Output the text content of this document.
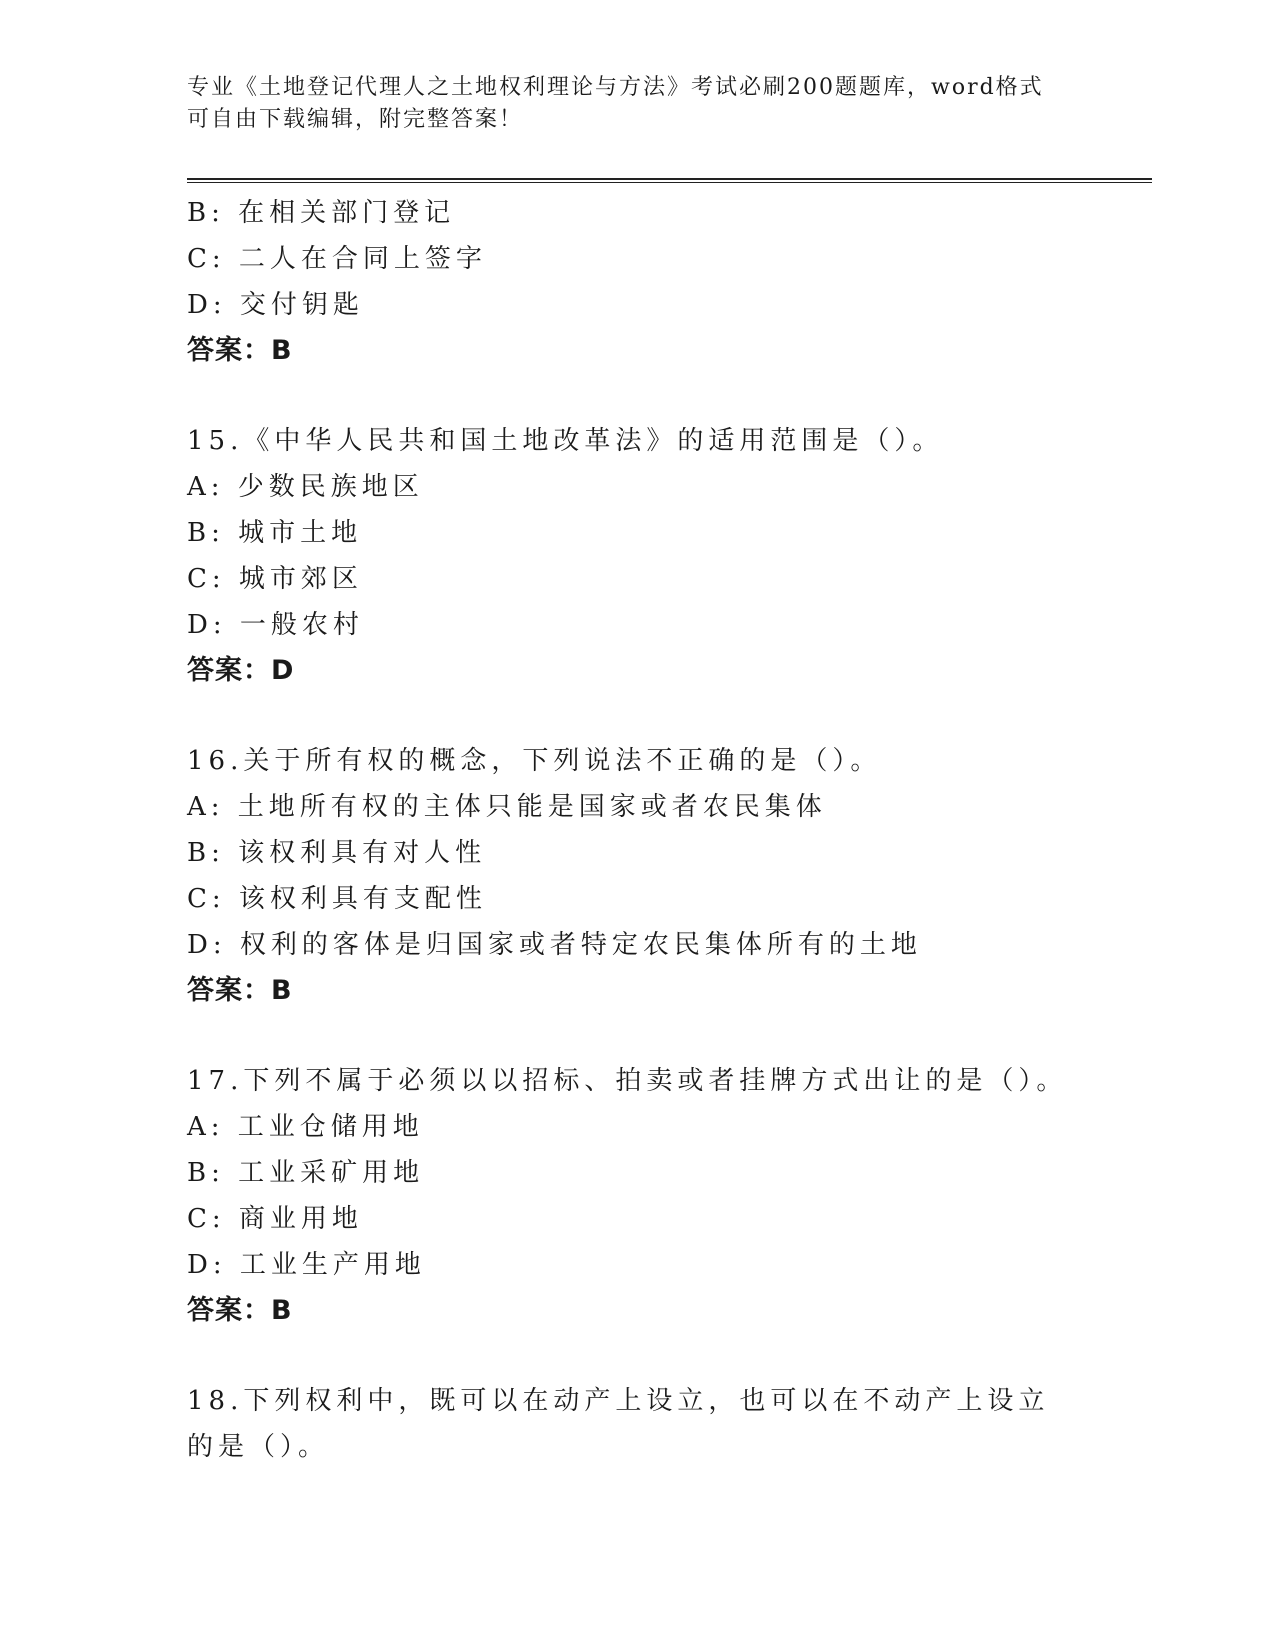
专业《土地登记代理人之土地权利理论与方法》考试必刷200题题库，word格式
可自由下载编辑，附完整答案！
B: 在相关部门登记
C: 二人在合同上签字
D: 交付钥匙
答案：B
15.《中华人民共和国土地改革法》的适用范围是（）。
A: 少数民族地区
B: 城市土地
C: 城市郊区
D: 一般农村
答案：D
16.关于所有权的概念，下列说法不正确的是（）。
A: 土地所有权的主体只能是国家或者农民集体
B: 该权利具有对人性
C: 该权利具有支配性
D: 权利的客体是归国家或者特定农民集体所有的土地
答案：B
17.下列不属于必须以以招标、拍卖或者挂牌方式出让的是（）。
A: 工业仓储用地
B: 工业采矿用地
C: 商业用地
D: 工业生产用地
答案：B
18.下列权利中，既可以在动产上设立，也可以在不动产上设立的是（）。
